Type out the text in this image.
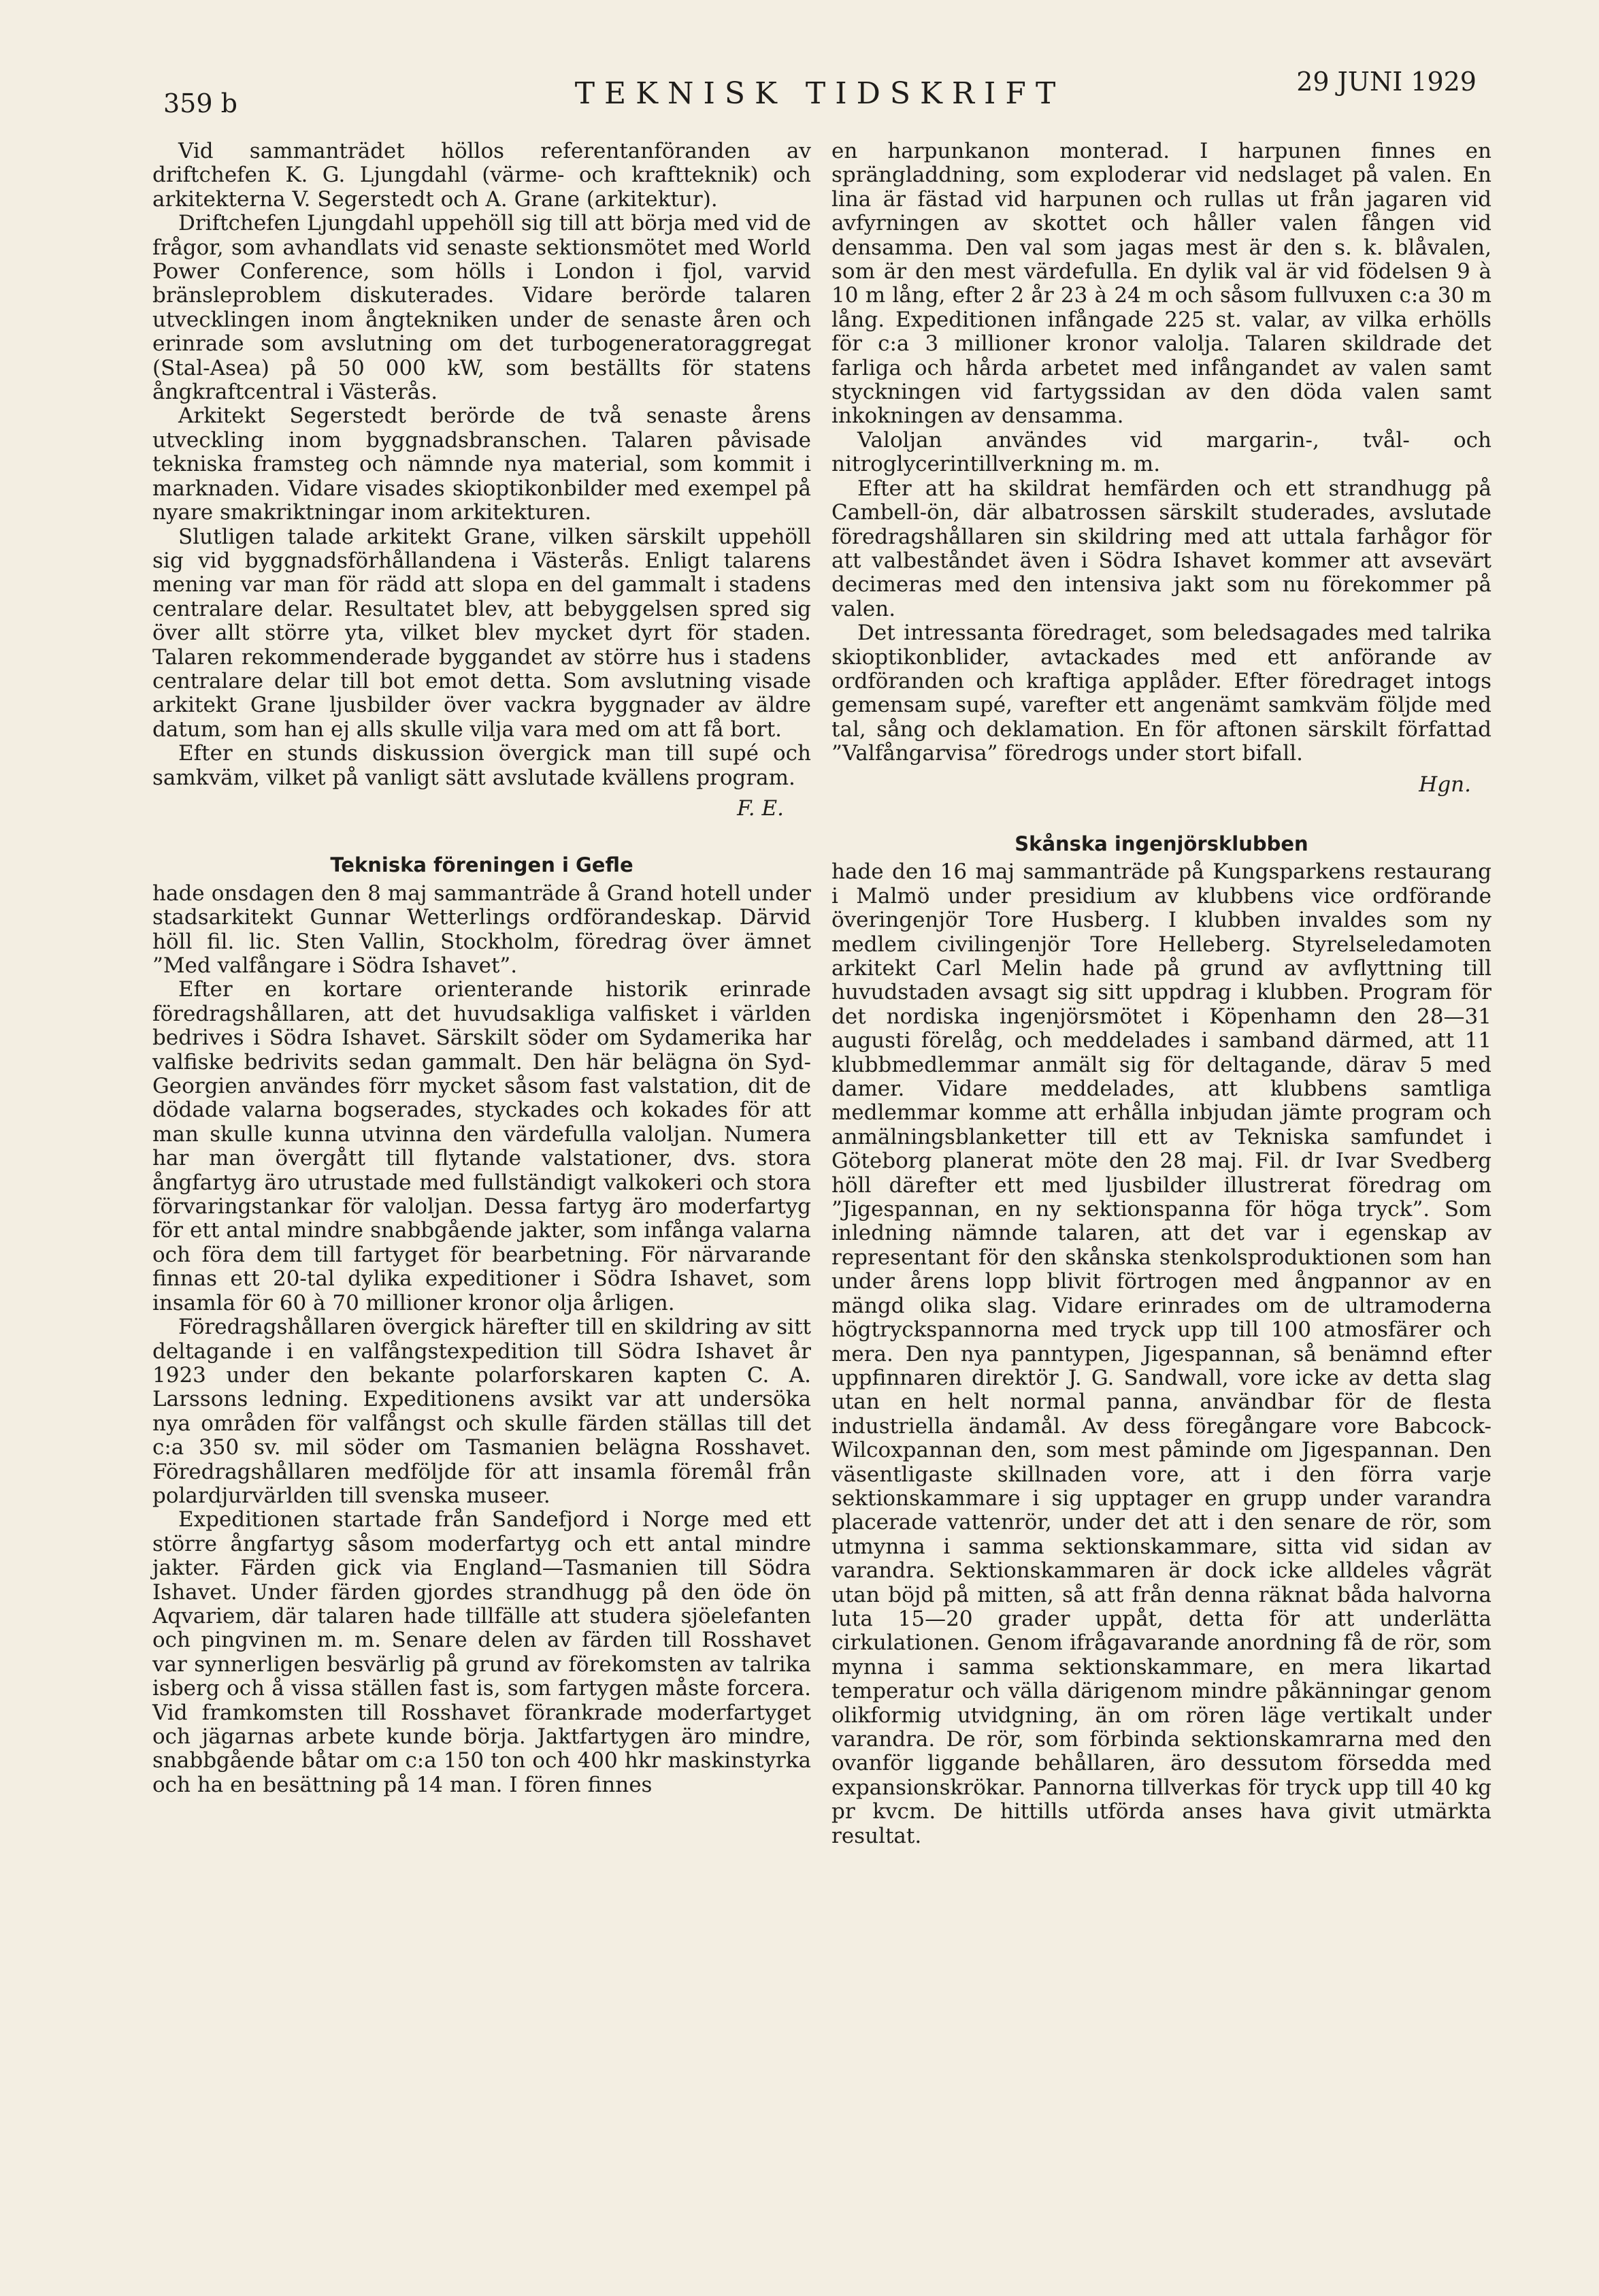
359 b	TEKNISK TIDSKRIFT	29 JUNI 1929

Vid sammanträdet höllos referentanföranden av driftchefen K. G. Ljungdahl (värme- och kraftteknik) och arkitekterna V. Segerstedt och A. Grane (arkitektur).

Driftchefen Ljungdahl uppehöll sig till att börja med vid de frågor, som avhandlats vid senaste sektionsmötet med World Power Conference, som hölls i London i fjol, varvid bränsleproblem diskuterades. Vidare berörde talaren utvecklingen inom ångtekniken under de senaste åren och erinrade som avslutning om det turbogeneratoraggregat (Stal-Asea) på 50 000 kW, som beställts för statens ångkraftcentral i Västerås.

Arkitekt Segerstedt berörde de två senaste årens utveckling inom byggnadsbranschen. Talaren påvisade tekniska framsteg och nämnde nya material, som kommit i marknaden. Vidare visades skioptikonbilder med exempel på nyare smakriktningar inom arkitekturen.

Slutligen talade arkitekt Grane, vilken särskilt uppehöll sig vid byggnadsförhållandena i Västerås. Enligt talarens mening var man för rädd att slopa en del gammalt i stadens centralare delar. Resultatet blev, att bebyggelsen spred sig över allt större yta, vilket blev mycket dyrt för staden. Talaren rekommenderade byggandet av större hus i stadens centralare delar till bot emot detta. Som avslutning visade arkitekt Grane ljusbilder över vackra byggnader av äldre datum, som han ej alls skulle vilja vara med om att få bort.

Efter en stunds diskussion övergick man till supé och samkväm, vilket på vanligt sätt avslutade kvällens program.

F. E.
Tekniska föreningen i Gefle

hade onsdagen den 8 maj sammanträde å Grand hotell under stadsarkitekt Gunnar Wetterlings ordförandeskap. Därvid höll fil. lic. Sten Vallin, Stockholm, föredrag över ämnet ”Med valfångare i Södra Ishavet”.

Efter en kortare orienterande historik erinrade föredragshållaren, att det huvudsakliga valfisket i världen bedrives i Södra Ishavet. Särskilt söder om Sydamerika har valfiske bedrivits sedan gammalt. Den här belägna ön Syd-Georgien användes förr mycket såsom fast valstation, dit de dödade valarna bogserades, styckades och kokades för att man skulle kunna utvinna den värdefulla valoljan. Numera har man övergått till flytande valstationer, dvs. stora ångfartyg äro utrustade med fullständigt valkokeri och stora förvaringstankar för valoljan. Dessa fartyg äro moderfartyg för ett antal mindre snabbgående jakter, som infånga valarna och föra dem till fartyget för bearbetning. För närvarande finnas ett 20-tal dylika expeditioner i Södra Ishavet, som insamla för 60 à 70 millioner kronor olja årligen.

Föredragshållaren övergick härefter till en skildring av sitt deltagande i en valfångstexpedition till Södra Ishavet år 1923 under den bekante polarforskaren kapten C. A. Larssons ledning. Expeditionens avsikt var att undersöka nya områden för valfångst och skulle färden ställas till det c:a 350 sv. mil söder om Tasmanien belägna Rosshavet. Föredragshållaren medföljde för att insamla föremål från polardjurvärlden till svenska museer.

Expeditionen startade från Sandefjord i Norge med ett större ångfartyg såsom moderfartyg och ett antal mindre jakter. Färden gick via England—Tasmanien till Södra Ishavet. Under färden gjordes strandhugg på den öde ön Aqvariem, där talaren hade tillfälle att studera sjöelefanten och pingvinen m. m. Senare delen av färden till Rosshavet var synnerligen besvärlig på grund av förekomsten av talrika isberg och å vissa ställen fast is, som fartygen måste forcera. Vid framkomsten till Rosshavet förankrade moderfartyget och jägarnas arbete kunde börja. Jaktfartygen äro mindre, snabbgående båtar om c:a 150 ton och 400 hkr maskinstyrka och ha en besättning på 14 man. I fören finnes

en harpunkanon monterad. I harpunen finnes en sprängladdning, som exploderar vid nedslaget på valen. En lina är fästad vid harpunen och rullas ut från jagaren vid avfyrningen av skottet och håller valen fången vid densamma. Den val som jagas mest är den s. k. blåvalen, som är den mest värdefulla. En dylik val är vid födelsen 9 à 10 m lång, efter 2 år 23 à 24 m och såsom fullvuxen c:a 30 m lång. Expeditionen infångade 225 st. valar, av vilka erhölls för c:a 3 millioner kronor valolja. Talaren skildrade det farliga och hårda arbetet med infångandet av valen samt styckningen vid fartygssidan av den döda valen samt inkokningen av densamma.

Valoljan användes vid margarin-, tvål- och nitroglycerintillverkning m. m.

Efter att ha skildrat hemfärden och ett strandhugg på Cambell-ön, där albatrossen särskilt studerades, avslutade föredragshållaren sin skildring med att uttala farhågor för att valbeståndet även i Södra Ishavet kommer att avsevärt decimeras med den intensiva jakt som nu förekommer på valen.

Det intressanta föredraget, som beledsagades med talrika skioptikonblider, avtackades med ett anförande av ordföranden och kraftiga applåder. Efter föredraget intogs gemensam supé, varefter ett angenämt samkväm följde med tal, sång och deklamation. En för aftonen särskilt författad ”Valfångarvisa” föredrogs under stort bifall.

Hgn.
Skånska ingenjörsklubben

hade den 16 maj sammanträde på Kungsparkens restaurang i Malmö under presidium av klubbens vice ordförande överingenjör Tore Husberg. I klubben invaldes som ny medlem civilingenjör Tore Helleberg. Styrelseledamoten arkitekt Carl Melin hade på grund av avflyttning till huvudstaden avsagt sig sitt uppdrag i klubben. Program för det nordiska ingenjörsmötet i Köpenhamn den 28—31 augusti förelåg, och meddelades i samband därmed, att 11 klubbmedlemmar anmält sig för deltagande, därav 5 med damer. Vidare meddelades, att klubbens samtliga medlemmar komme att erhålla inbjudan jämte program och anmälningsblanketter till ett av Tekniska samfundet i Göteborg planerat möte den 28 maj. Fil. dr Ivar Svedberg höll därefter ett med ljusbilder illustrerat föredrag om ”Jigespannan, en ny sektionspanna för höga tryck”. Som inledning nämnde talaren, att det var i egenskap av representant för den skånska stenkolsproduktionen som han under årens lopp blivit förtrogen med ångpannor av en mängd olika slag. Vidare erinrades om de ultramoderna högtryckspannorna med tryck upp till 100 atmosfärer och mera. Den nya panntypen, Jigespannan, så benämnd efter uppfinnaren direktör J. G. Sandwall, vore icke av detta slag utan en helt normal panna, användbar för de flesta industriella ändamål. Av dess föregångare vore Babcock-Wilcoxpannan den, som mest påminde om Jigespannan. Den väsentligaste skillnaden vore, att i den förra varje sektionskammare i sig upptager en grupp under varandra placerade vattenrör, under det att i den senare de rör, som utmynna i samma sektionskammare, sitta vid sidan av varandra. Sektionskammaren är dock icke alldeles vågrät utan böjd på mitten, så att från denna räknat båda halvorna luta 15—20 grader uppåt, detta för att underlätta cirkulationen. Genom ifrågavarande anordning få de rör, som mynna i samma sektionskammare, en mera likartad temperatur och välla därigenom mindre påkänningar genom olikformig utvidgning, än om rören läge vertikalt under varandra. De rör, som förbinda sektionskamrarna med den ovanför liggande behållaren, äro dessutom försedda med expansionskrökar. Pannorna tillverkas för tryck upp till 40 kg pr kvcm. De hittills utförda anses hava givit utmärkta resultat.
